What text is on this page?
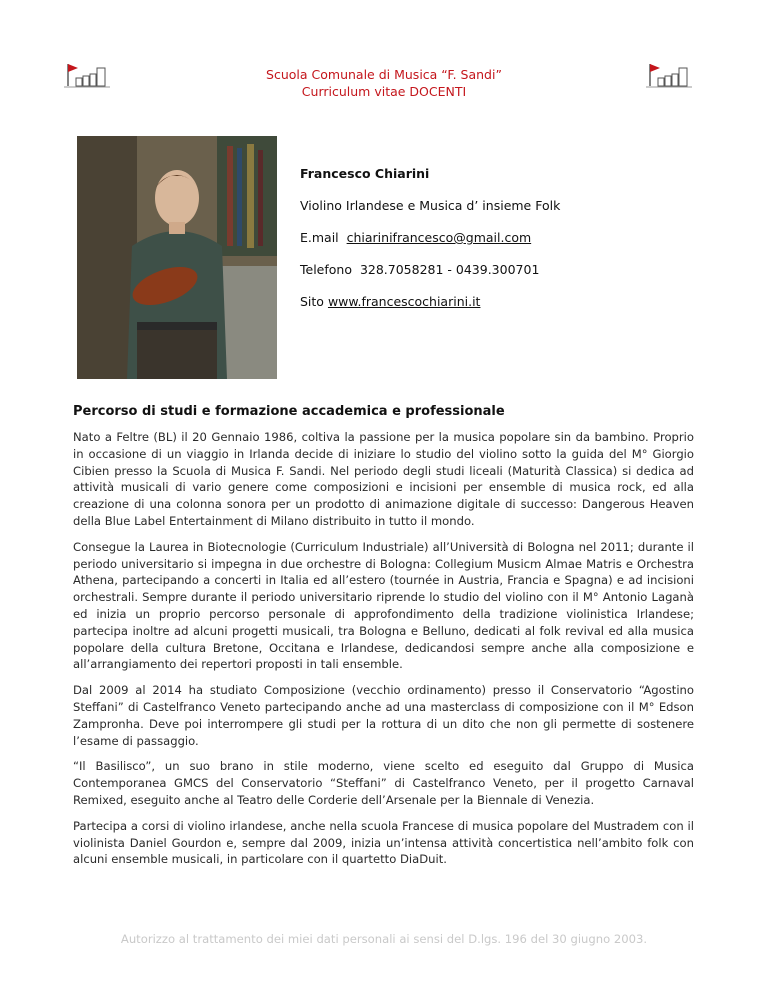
Scuola Comunale di Musica “F. Sandi”
Curriculum vitae DOCENTI
Francesco Chiarini
Violino Irlandese e Musica d’ insieme Folk
E.mail chiarinifrancesco@gmail.com
Telefono 328.7058281 - 0439.300701
Sito www.francescochiarini.it
Percorso di studi e formazione accademica e professionale

Nato a Feltre (BL) il 20 Gennaio 1986, coltiva la passione per la musica popolare sin da bambino. Proprio in occasione di un viaggio in Irlanda decide di iniziare lo studio del violino sotto la guida del M° Giorgio Cibien presso la Scuola di Musica F. Sandi. Nel periodo degli studi liceali (Maturità Classica) si dedica ad attività musicali di vario genere come composizioni e incisioni per ensemble di musica rock, ed alla creazione di una colonna sonora per un prodotto di animazione digitale di successo: Dangerous Heaven della Blue Label Entertainment di Milano distribuito in tutto il mondo.

Consegue la Laurea in Biotecnologie (Curriculum Industriale) all’Università di Bologna nel 2011; durante il periodo universitario si impegna in due orchestre di Bologna: Collegium Musicm Almae Matris e Orchestra Athena, partecipando a concerti in Italia ed all’estero (tournée in Austria, Francia e Spagna) e ad incisioni orchestrali. Sempre durante il periodo universitario riprende lo studio del violino con il M° Antonio Laganà ed inizia un proprio percorso personale di approfondimento della tradizione violinistica Irlandese; partecipa inoltre ad alcuni progetti musicali, tra Bologna e Belluno, dedicati al folk revival ed alla musica popolare della cultura Bretone, Occitana e Irlandese, dedicandosi sempre anche alla composizione e all’arrangiamento dei repertori proposti in tali ensemble.

Dal 2009 al 2014 ha studiato Composizione (vecchio ordinamento) presso il Conservatorio “Agostino Steffani” di Castelfranco Veneto partecipando anche ad una masterclass di composizione con il M° Edson Zampronha. Deve poi interrompere gli studi per la rottura di un dito che non gli permette di sostenere l’esame di passaggio.

“Il Basilisco”, un suo brano in stile moderno, viene scelto ed eseguito dal Gruppo di Musica Contemporanea GMCS del Conservatorio “Steffani” di Castelfranco Veneto, per il progetto Carnaval Remixed, eseguito anche al Teatro delle Corderie dell’Arsenale per la Biennale di Venezia.

Partecipa a corsi di violino irlandese, anche nella scuola Francese di musica popolare del Mustradem con il violinista Daniel Gourdon e, sempre dal 2009, inizia un’intensa attività concertistica nell’ambito folk con alcuni ensemble musicali, in particolare con il quartetto DiaDuit.

Autorizzo al trattamento dei miei dati personali ai sensi del D.lgs. 196 del 30 giugno 2003.
